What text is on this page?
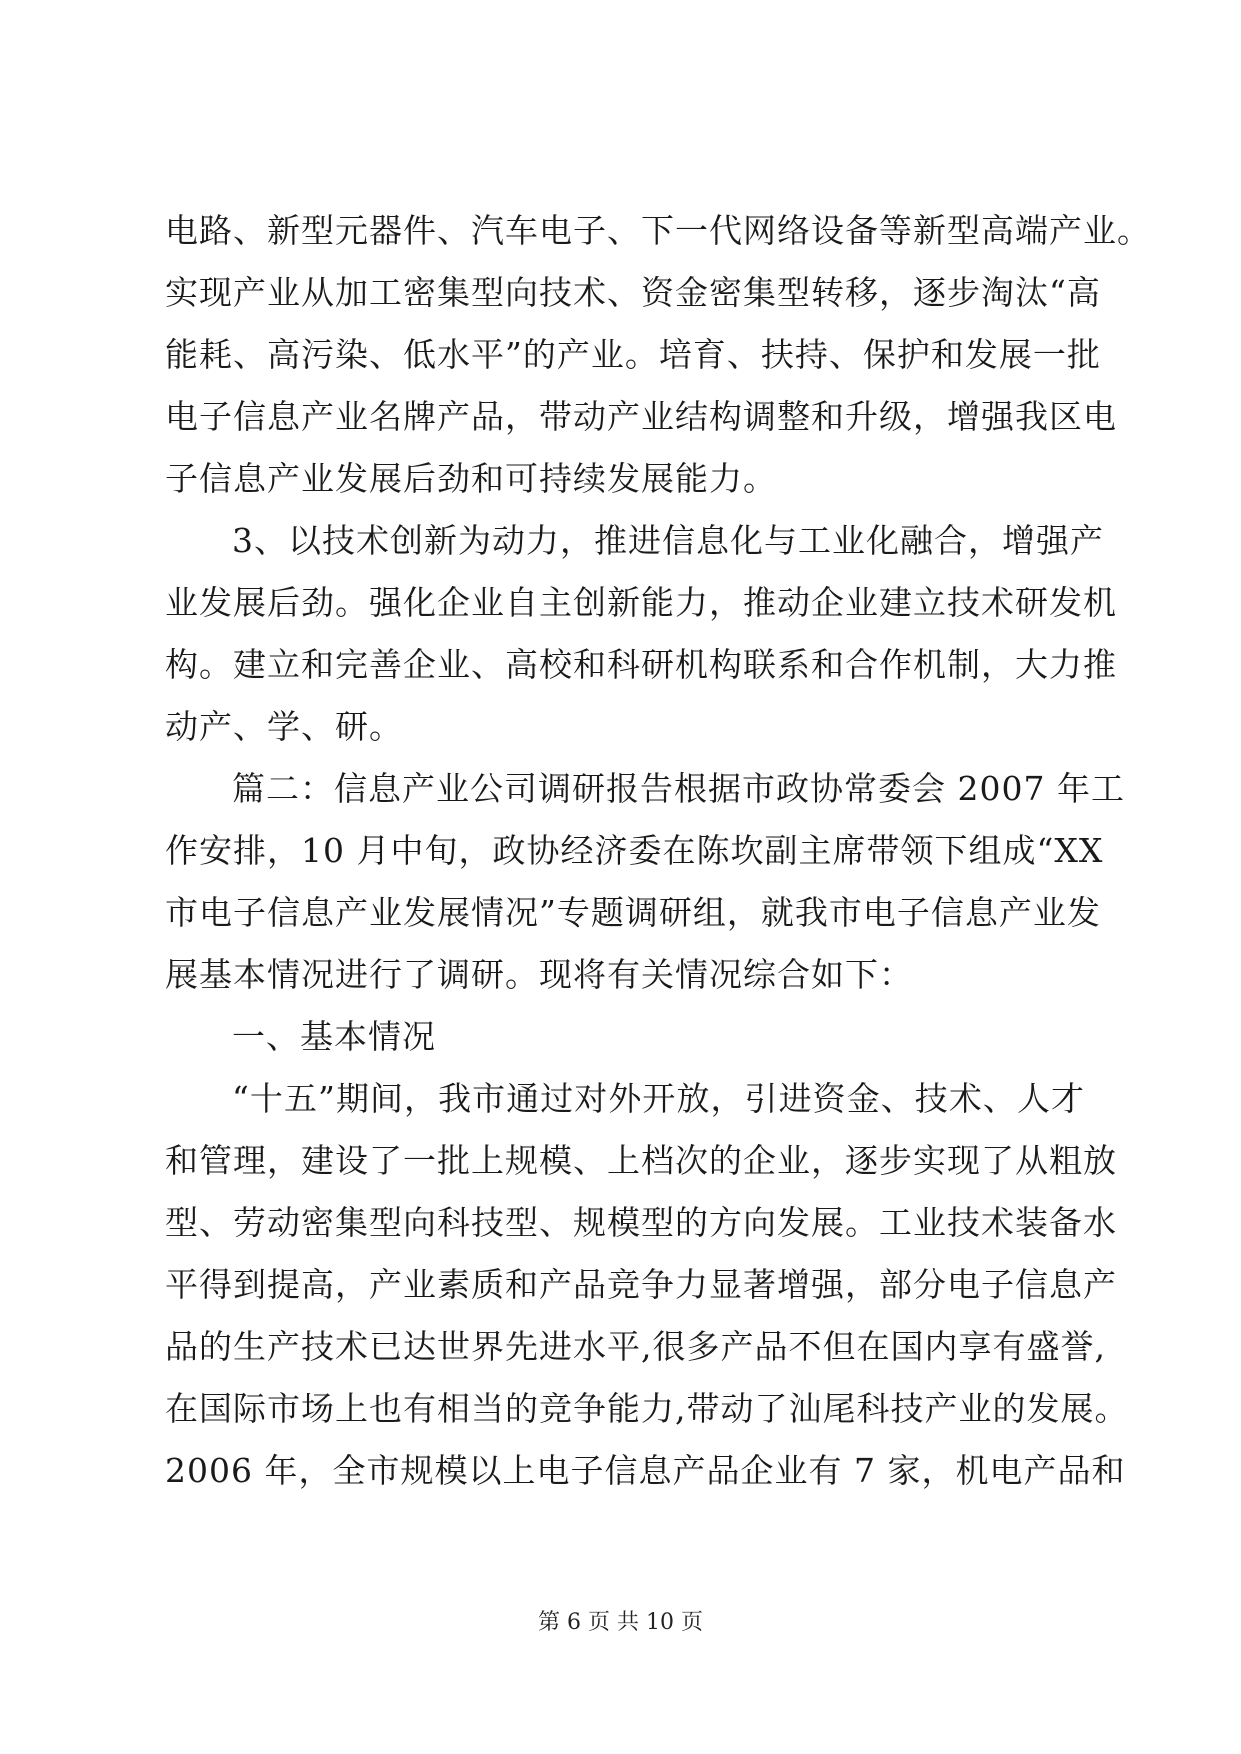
电路、新型元器件、汽车电子、下一代网络设备等新型高端产业。
实现产业从加工密集型向技术、资金密集型转移，逐步淘汰“高
能耗、高污染、低水平”的产业。培育、扶持、保护和发展一批
电子信息产业名牌产品，带动产业结构调整和升级，增强我区电
子信息产业发展后劲和可持续发展能力。
3、以技术创新为动力，推进信息化与工业化融合，增强产
业发展后劲。强化企业自主创新能力，推动企业建立技术研发机
构。建立和完善企业、高校和科研机构联系和合作机制，大力推
动产、学、研。
篇二：信息产业公司调研报告根据市政协常委会 2007 年工
作安排，10 月中旬，政协经济委在陈坎副主席带领下组成“XX
市电子信息产业发展情况”专题调研组，就我市电子信息产业发
展基本情况进行了调研。现将有关情况综合如下：
一、基本情况
“十五”期间，我市通过对外开放，引进资金、技术、人才
和管理，建设了一批上规模、上档次的企业，逐步实现了从粗放
型、劳动密集型向科技型、规模型的方向发展。工业技术装备水
平得到提高，产业素质和产品竞争力显著增强，部分电子信息产
品的生产技术已达世界先进水平,很多产品不但在国内享有盛誉,
在国际市场上也有相当的竞争能力,带动了汕尾科技产业的发展。
2006 年，全市规模以上电子信息产品企业有 7 家，机电产品和
第 6 页 共 10 页
